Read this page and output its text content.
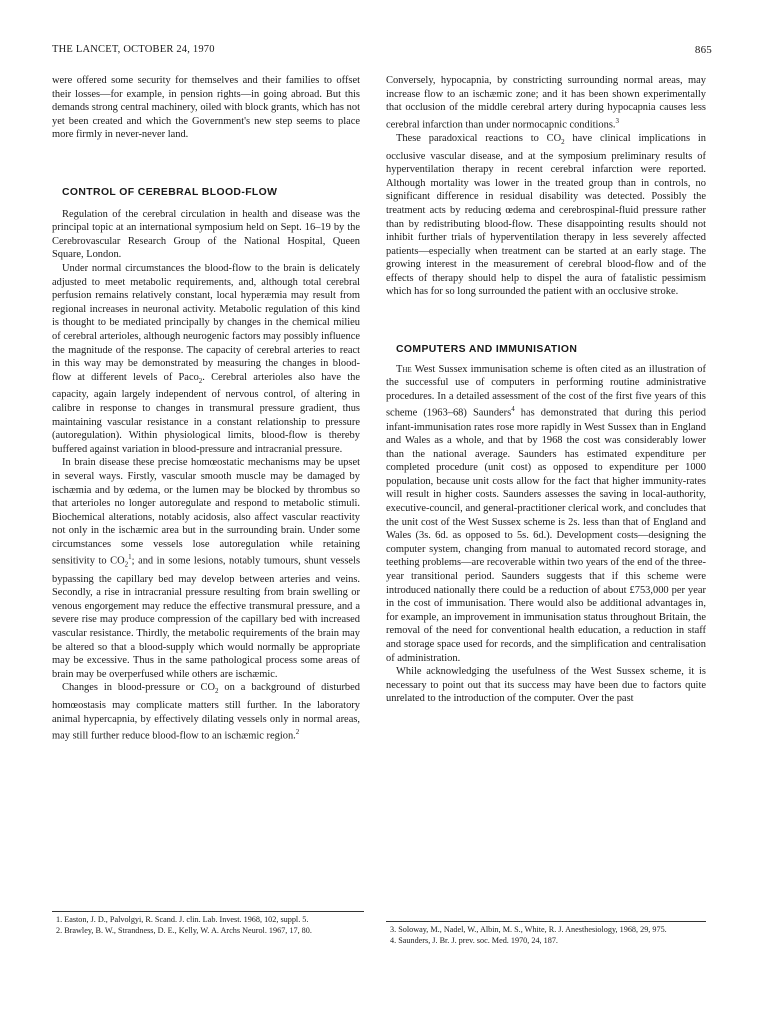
THE LANCET, OCTOBER 24, 1970	865

were offered some security for themselves and their families to offset their losses—for example, in pension rights—in going abroad. But this demands strong central machinery, oiled with block grants, which has not yet been created and which the Government's new step seems to place more firmly in never-never land.

CONTROL OF CEREBRAL BLOOD-FLOW

Regulation of the cerebral circulation in health and disease was the principal topic at an international symposium held on Sept. 16–19 by the Cerebrovascular Research Group of the National Hospital, Queen Square, London.

Under normal circumstances the blood-flow to the brain is delicately adjusted to meet metabolic requirements, and, although total cerebral perfusion remains relatively constant, local hyperæmia may result from regional increases in neuronal activity. Metabolic regulation of this kind is thought to be mediated principally by changes in the chemical milieu of cerebral arterioles, although neurogenic factors may possibly influence the magnitude of the response. The capacity of cerebral arteries to react in this way may be demonstrated by measuring the changes in blood-flow at different levels of Paco$_2$. Cerebral arterioles also have the capacity, again largely independent of nervous control, of altering in calibre in response to changes in transmural pressure gradient, thus maintaining vascular resistance in a constant relationship to pressure (autoregulation). Within physiological limits, blood-flow is thereby buffered against variation in blood-pressure and intracranial pressure.

In brain disease these precise homœostatic mechanisms may be upset in several ways. Firstly, vascular smooth muscle may be damaged by ischæmia and by œdema, or the lumen may be blocked by thrombus so that arterioles no longer autoregulate and respond to metabolic stimuli. Biochemical alterations, notably acidosis, also affect vascular reactivity not only in the ischæmic area but in the surrounding brain. Under some circumstances some vessels lose autoregulation while retaining sensitivity to $CO_2^1$; and in some lesions, notably tumours, shunt vessels bypassing the capillary bed may develop between arteries and veins. Secondly, a rise in intracranial pressure resulting from brain swelling or venous engorgement may reduce the effective transmural pressure, and a severe rise may produce compression of the capillary bed with increased vascular resistance. Thirdly, the metabolic requirements of the brain may be altered so that a blood-supply which would normally be appropriate may be excessive. Thus in the same pathological process some areas of brain may be overperfused while others are ischæmic.

Changes in blood-pressure or $CO_2$ on a background of disturbed homœostasis may complicate matters still further. In the laboratory animal hypercapnia, by effectively dilating vessels only in normal areas, may still further reduce blood-flow to an ischæmic region.$^2$

1. Easton, J. D., Palvolgyi, R. Scand. J. clin. Lab. Invest. 1968, 102, suppl. 5.

2. Brawley, B. W., Strandness, D. E., Kelly, W. A. Archs Neurol. 1967, 17, 80.

Conversely, hypocapnia, by constricting surrounding normal areas, may increase flow to an ischæmic zone; and it has been shown experimentally that occlusion of the middle cerebral artery during hypocapnia causes less cerebral infarction than under normocapnic conditions.$^3$

These paradoxical reactions to $CO_2$ have clinical implications in occlusive vascular disease, and at the symposium preliminary results of hyperventilation therapy in recent cerebral infarction were reported. Although mortality was lower in the treated group than in controls, no significant difference in residual disability was detected. Possibly the treatment acts by reducing œdema and cerebrospinal-fluid pressure rather than by redistributing blood-flow. These disappointing results should not inhibit further trials of hyperventilation therapy in less severely affected patients—especially when treatment can be started at an early stage. The growing interest in the measurement of cerebral blood-flow and of the effects of therapy should help to dispel the aura of fatalistic pessimism which has for so long surrounded the patient with an occlusive stroke.

COMPUTERS AND IMMUNISATION

The West Sussex immunisation scheme is often cited as an illustration of the successful use of computers in performing routine administrative procedures. In a detailed assessment of the cost of the first five years of this scheme (1963–68) Saunders$^4$ has demonstrated that during this period infant-immunisation rates rose more rapidly in West Sussex than in England and Wales as a whole, and that by 1968 the cost was considerably lower than the national average. Saunders has estimated expenditure per completed procedure (unit cost) as opposed to expenditure per 1000 population, because unit costs allow for the fact that higher immunity-rates will result in higher costs. Saunders assesses the saving in local-authority, executive-council, and general-practitioner clerical work, and concludes that the unit cost of the West Sussex scheme is 2s. less than that of England and Wales (3s. 6d. as opposed to 5s. 6d.). Development costs—designing the computer system, changing from manual to automated record storage, and teething problems—are recoverable within two years of the end of the three-year transitional period. Saunders suggests that if this scheme were introduced nationally there could be a reduction of about £753,000 per year in the cost of immunisation. There would also be additional advantages in, for example, an improvement in immunisation status throughout Britain, the removal of the need for conventional health education, a reduction in staff and storage space used for records, and the simplification and centralisation of administration.

While acknowledging the usefulness of the West Sussex scheme, it is necessary to point out that its success may have been due to factors quite unrelated to the introduction of the computer. Over the past

3. Soloway, M., Nadel, W., Albin, M. S., White, R. J. Anesthesiology, 1968, 29, 975.

4. Saunders, J. Br. J. prev. soc. Med. 1970, 24, 187.
